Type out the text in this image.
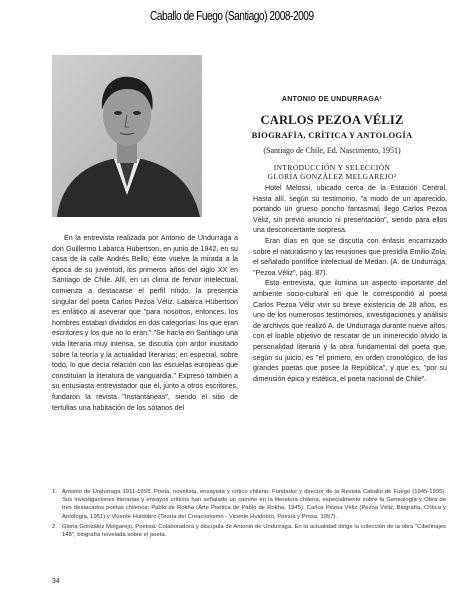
Caballo de Fuego (Santiago) 2008-2009
ANTONIO DE UNDURRAGA¹
CARLOS PEZOA VÉLIZ
BIOGRAFÍA, CRÍTICA Y ANTOLOGÍA
(Santiago de Chile, Ed. Nascimento, 1951)
INTRODUCCIÓN Y SELECCIÓN
GLORIA GONZÁLEZ MELGAREJO²

En la entrevista realizada por Antonio de Undurraga a don Guillermo Labarca Hubertson, en junio de 1942, en su casa de la calle Andrés Bello, éste vuelve la mirada a la época de su juventud, los primeros años del siglo XX en Santiago de Chile. Allí, en un clima de fervor intelectual, comienza a destacarse el perfil nítido, la presencia singular del poeta Carlos Pezoa Véliz. Labarca Hubertson es enfático al aseverar que "para nosotros, entonces, los hombres estaban divididos en dos categorías: los que eran escritores y los que no lo eran." "Se hacía en Santiago una vida literaria muy intensa, se discutía con ardor inusitado sobre la teoría y la actualidad literarias; en especial, sobre todo, lo que decía relación con las escuelas europeas que constituían la literatura de vanguardia." Expresó también a su entusiasta entrevistador que él, junto a otros escritores, fundaron la revista "Instantáneas", siendo el sitio de tertulias una habitación de los sótanos del

Hotel Melossi, ubicado cerca de la Estación Central. Hasta allí, según su testimonio, "a modo de un aparecido, portando un grueso poncho fantasmal, llegó Carlos Pezoa Véliz, sin previo anuncio ni presentación", siendo para ellos una desconcertante sorpresa.

Eran días en que se discutía con énfasis encarnizado sobre el naturalismo y las reuniones que presidía Emilio Zola, el señalado pontífice intelectual de Medan. (A. de Undurraga, "Pezoa Véliz", pág. 87).

Esta entrevista, que ilumina un aspecto importante del ambiente socio-cultural en que le correspondió al poeta Carlos Pezoa Véliz vivir su breve existencia de 28 años, es uno de los numerosos testimonios, investigaciones y análisis de archivos que realizó A. de Undurraga durante nueve años, con el loable objetivo de rescatar de un inmerecido olvido la personalidad literaria y la obra fundamental del poeta que, según su juicio, es "el primero, en orden cronológico, de los grandes poetas que posee la República", y que es, "por su dimensión épica y estética, el poeta nacional de Chile".

1. Antonio de Undurraga 1911-1993. Poeta, novelista, ensayista y crítico chileno. Fundador y director de la Revista Caballo de Fuego (1945-1995). Sus investigaciones literarias y ensayos críticos han señalado un camino en la literatura chilena, especialmente sobre la Genealogía y Obra de tres destacados poetas chilenos: Pablo de Rokha (Arte Poética de Pablo de Rokha, 1945). Carlos Pezoa Véliz (Pezoa Véliz, Biografía, Crítica y Antología, 1951) y Vicente Huidobro (Teoría del Creacionismo - Vicente Huidobro, Poesía y Prosa, 1957).
2. Gloria González Melgarejo. Poetisa. Colaboradora y discípula de Antonio de Undurraga. En la actualidad dirige la colección de la obra "Cibelinajes 148", biografía novelada sobre el poeta.
34
